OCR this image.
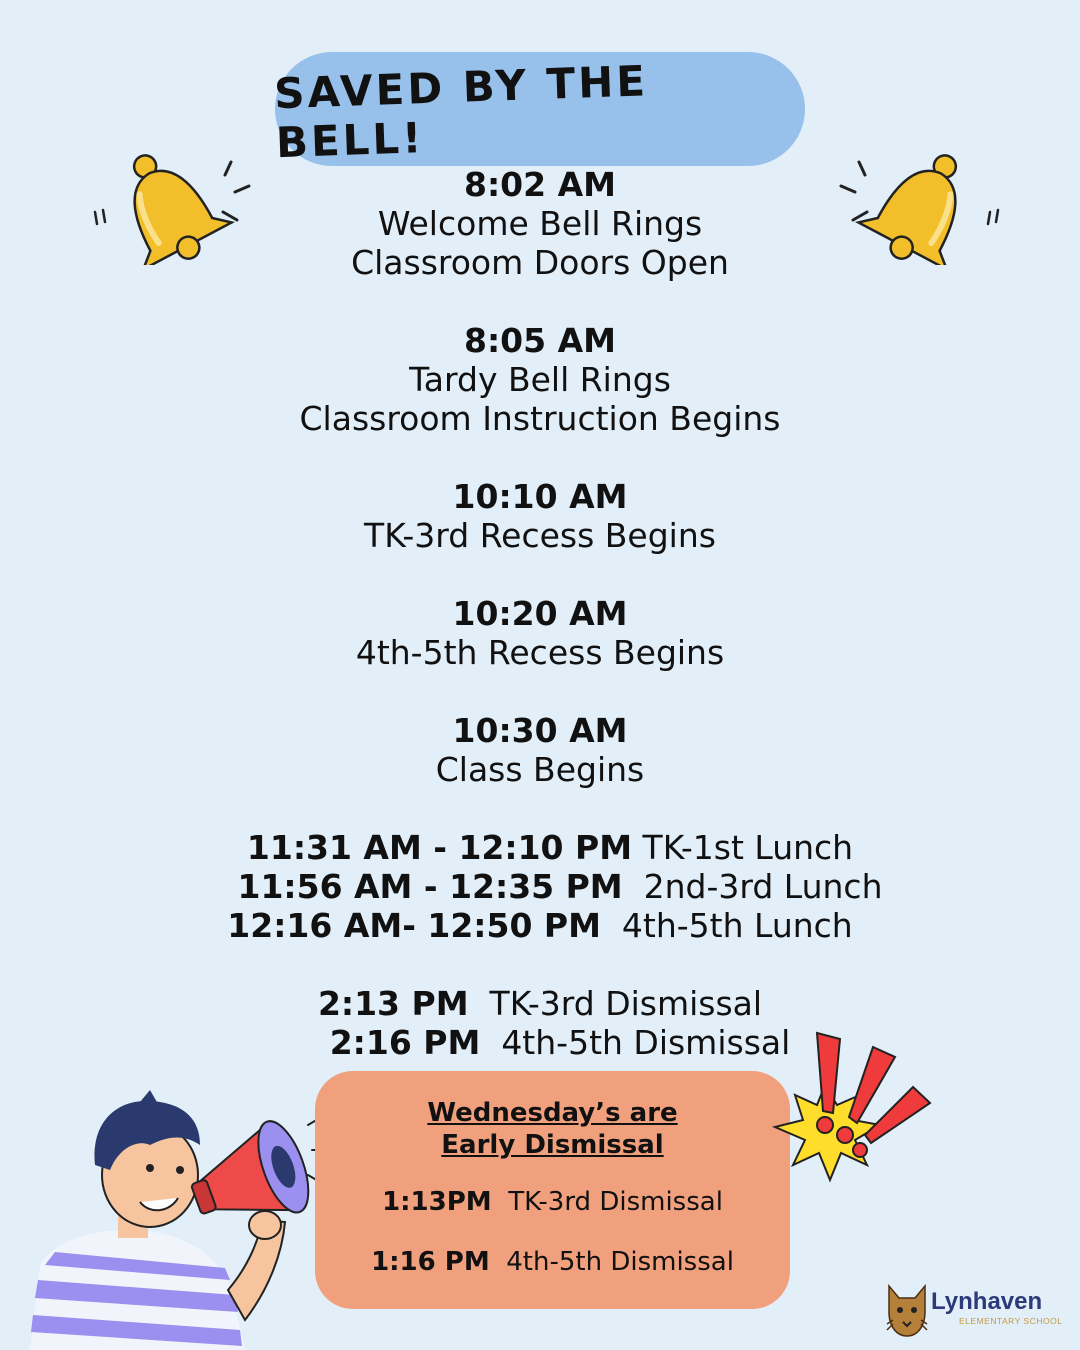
SAVED BY THE BELL!
8:02 AM
Welcome Bell Rings
Classroom Doors Open
8:05 AM
Tardy Bell Rings
Classroom Instruction Begins
10:10 AM
TK-3rd Recess Begins
10:20 AM
4th-5th Recess Begins
10:30 AM
Class Begins
11:31 AM - 12:10 PM TK-1st Lunch
11:56 AM - 12:35 PM 2nd-3rd Lunch
12:16 AM- 12:50 PM 4th-5th Lunch
2:13 PM TK-3rd Dismissal
2:16 PM 4th-5th Dismissal
Wednesday’s are
Early Dismissal
1:13PM TK-3rd Dismissal
1:16 PM 4th-5th Dismissal
Lynhaven
ELEMENTARY SCHOOL
